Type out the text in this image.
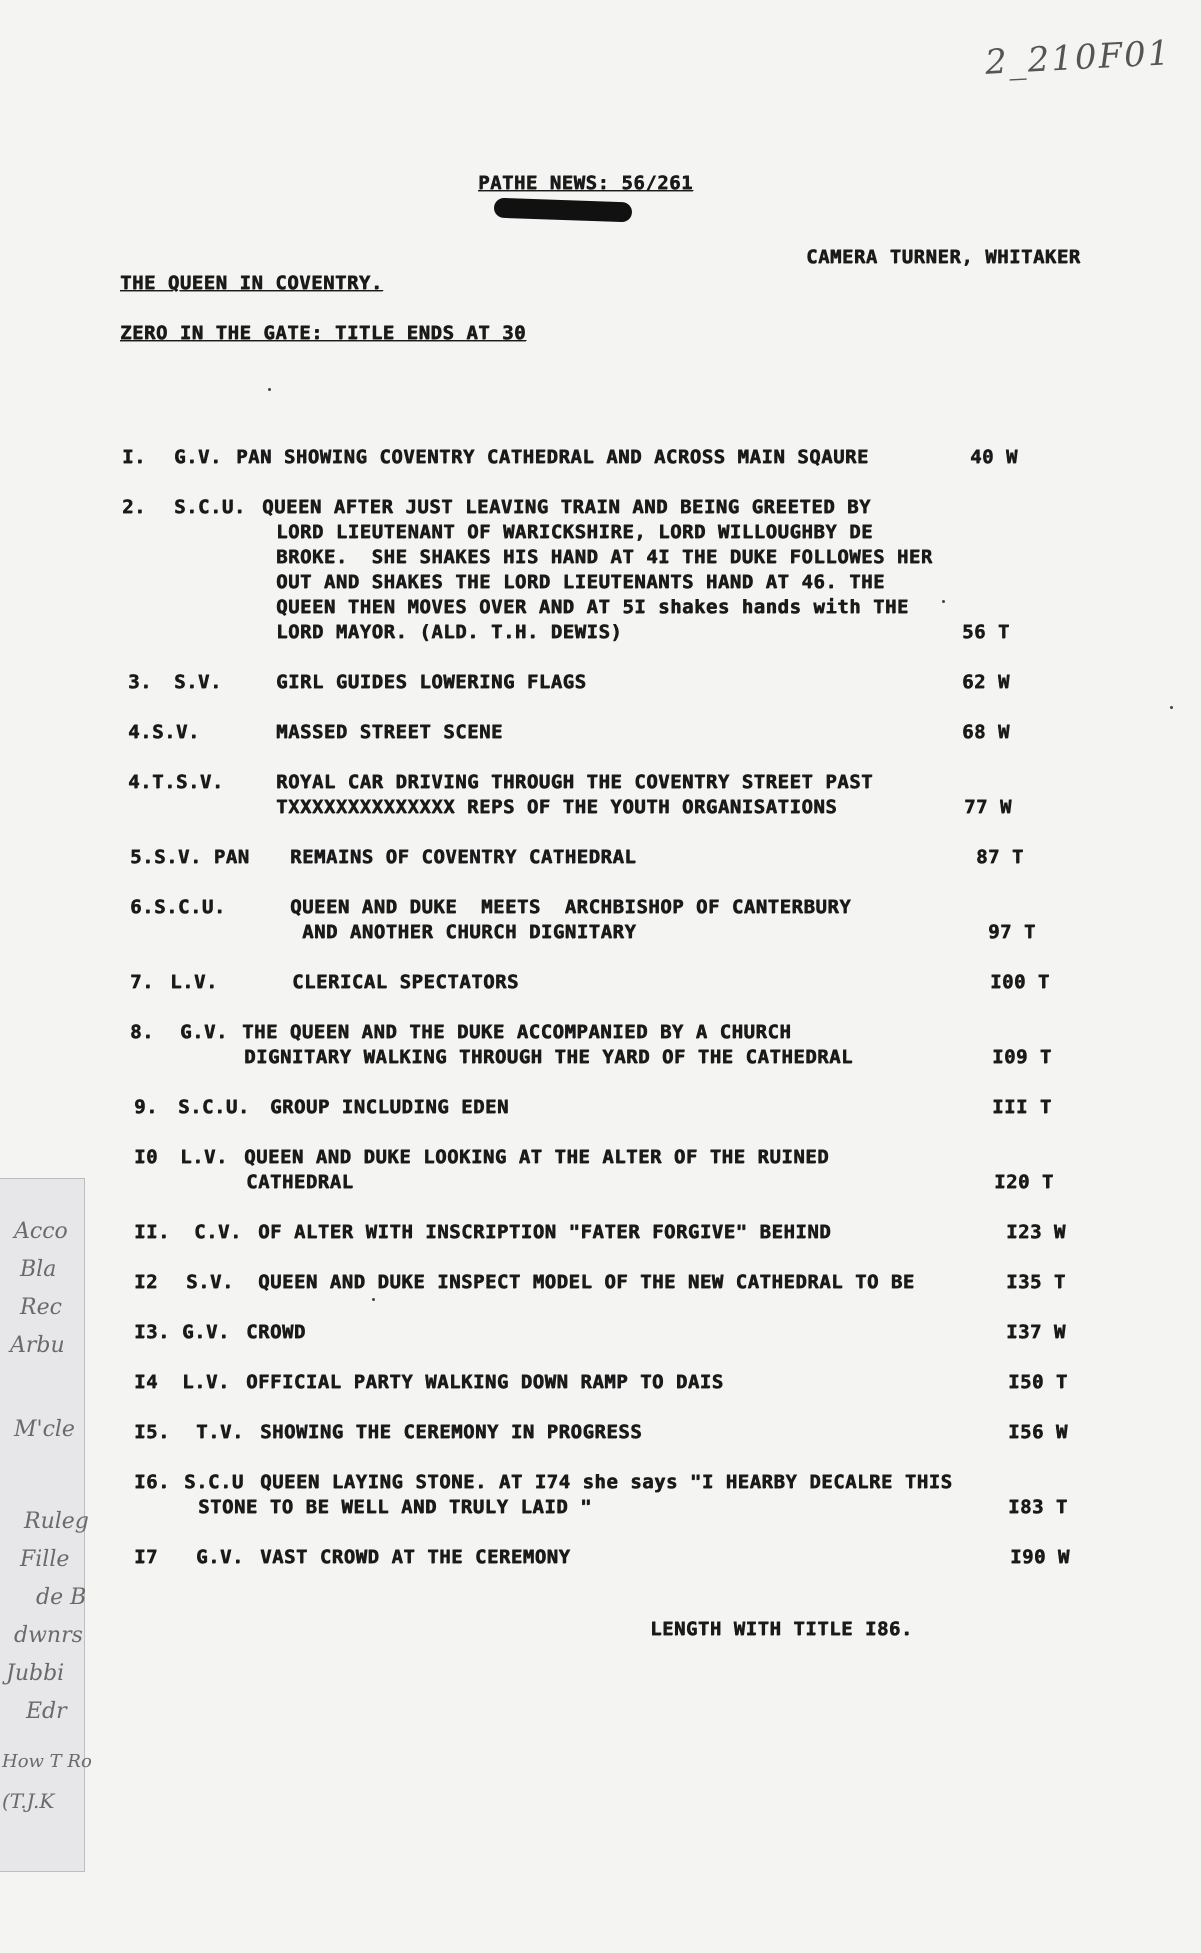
2_210F01
PATHE NEWS: 56/261
CAMERA TURNER, WHITAKER
THE QUEEN IN COVENTRY.
ZERO IN THE GATE: TITLE ENDS AT 30
I. G.V. PAN SHOWING COVENTRY CATHEDRAL AND ACROSS MAIN SQAURE	40 W
2. S.C.U. QUEEN AFTER JUST LEAVING TRAIN AND BEING GREETED BY
LORD LIEUTENANT OF WARICKSHIRE, LORD WILLOUGHBY DE
BROKE.  SHE SHAKES HIS HAND AT 4I THE DUKE FOLLOWES HER
OUT AND SHAKES THE LORD LIEUTENANTS HAND AT 46. THE
QUEEN THEN MOVES OVER AND AT 5I shakes hands with THE
LORD MAYOR. (ALD. T.H. DEWIS)	56 T
3. S.V.	GIRL GUIDES LOWERING FLAGS	62 W
4. S.V.	MASSED STREET SCENE	68 W
4. T.S.V.	ROYAL CAR DRIVING THROUGH THE COVENTRY STREET PAST
TXXXXXXXXXXXXXX REPS OF THE YOUTH ORGANISATIONS	77 W
5. S.V. PAN REMAINS OF COVENTRY CATHEDRAL	87 T
6. S.C.U.	QUEEN AND DUKE  MEETS  ARCHBISHOP OF CANTERBURY
AND ANOTHER CHURCH DIGNITARY	97 T
7. L.V.	CLERICAL SPECTATORS	I00 T
8. G.V. THE QUEEN AND THE DUKE ACCOMPANIED BY A CHURCH
DIGNITARY WALKING THROUGH THE YARD OF THE CATHEDRAL	I09 T
9. S.C.U. GROUP INCLUDING EDEN	III T
I0 L.V. QUEEN AND DUKE LOOKING AT THE ALTER OF THE RUINED
CATHEDRAL	I20 T
II. C.V. OF ALTER WITH INSCRIPTION "FATER FORGIVE" BEHIND	I23 W
I2 S.V. QUEEN AND DUKE INSPECT MODEL OF THE NEW CATHEDRAL TO BE	I35 T
I3. G.V. CROWD	I37 W
I4 L.V. OFFICIAL PARTY WALKING DOWN RAMP TO DAIS	I50 T
I5. T.V. SHOWING THE CEREMONY IN PROGRESS	I56 W
I6. S.C.U QUEEN LAYING STONE. AT I74 she says "I HEARBY DECALRE THIS
STONE TO BE WELL AND TRULY LAID "	I83 T
I7 G.V. VAST CROWD AT THE CEREMONY	I90 W
LENGTH WITH TITLE I86.
Acco
Bla
Rec
Arbu
M'cle
Ruleg
Fille
de B
dwnrs
Jubbi
Edr
How T Ro
(T.J.K
